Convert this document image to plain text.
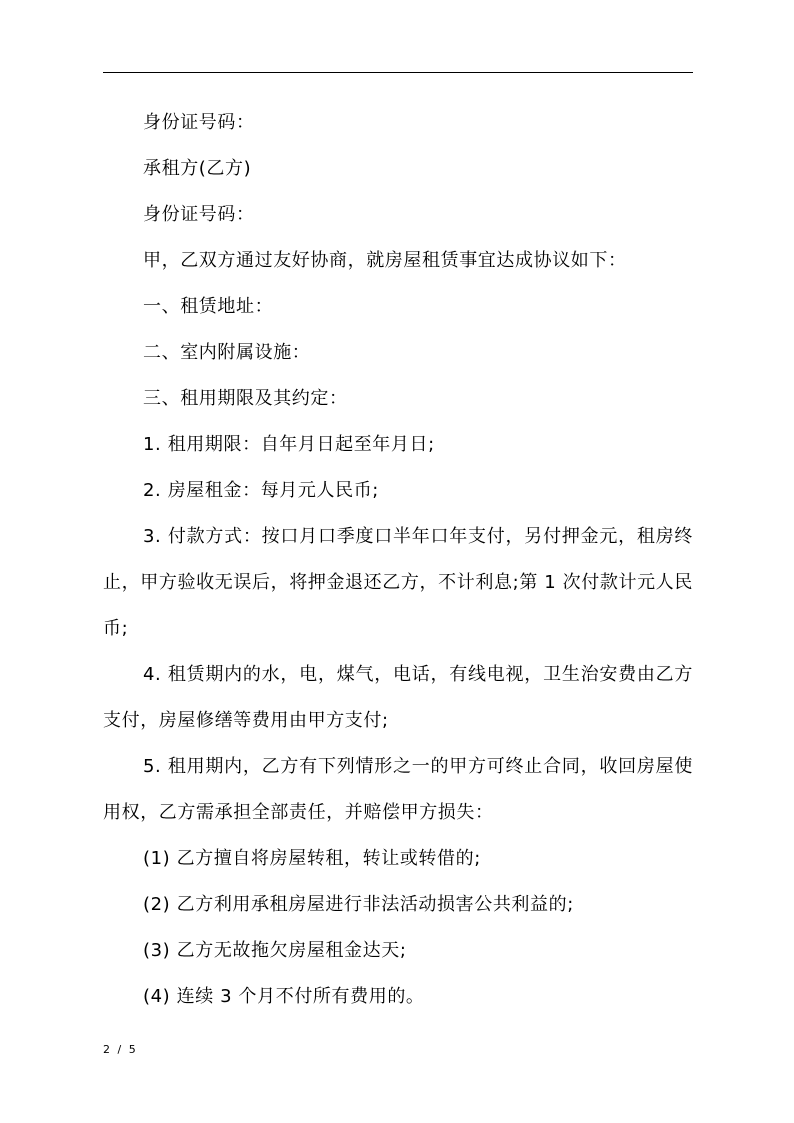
身份证号码：

承租方(乙方)

身份证号码：

甲，乙双方通过友好协商，就房屋租赁事宜达成协议如下：

一、租赁地址：

二、室内附属设施：

三、租用期限及其约定：

1. 租用期限：自年月日起至年月日;

2. 房屋租金：每月元人民币;

3. 付款方式：按口月口季度口半年口年支付，另付押金元，租房终止，甲方验收无误后，将押金退还乙方，不计利息;第 1 次付款计元人民币;

4. 租赁期内的水，电，煤气，电话，有线电视，卫生治安费由乙方支付，房屋修缮等费用由甲方支付;

5. 租用期内，乙方有下列情形之一的甲方可终止合同，收回房屋使用权，乙方需承担全部责任，并赔偿甲方损失：

(1) 乙方擅自将房屋转租，转让或转借的;

(2) 乙方利用承租房屋进行非法活动损害公共利益的;

(3) 乙方无故拖欠房屋租金达天;

(4) 连续 3 个月不付所有费用的。

2 / 5
